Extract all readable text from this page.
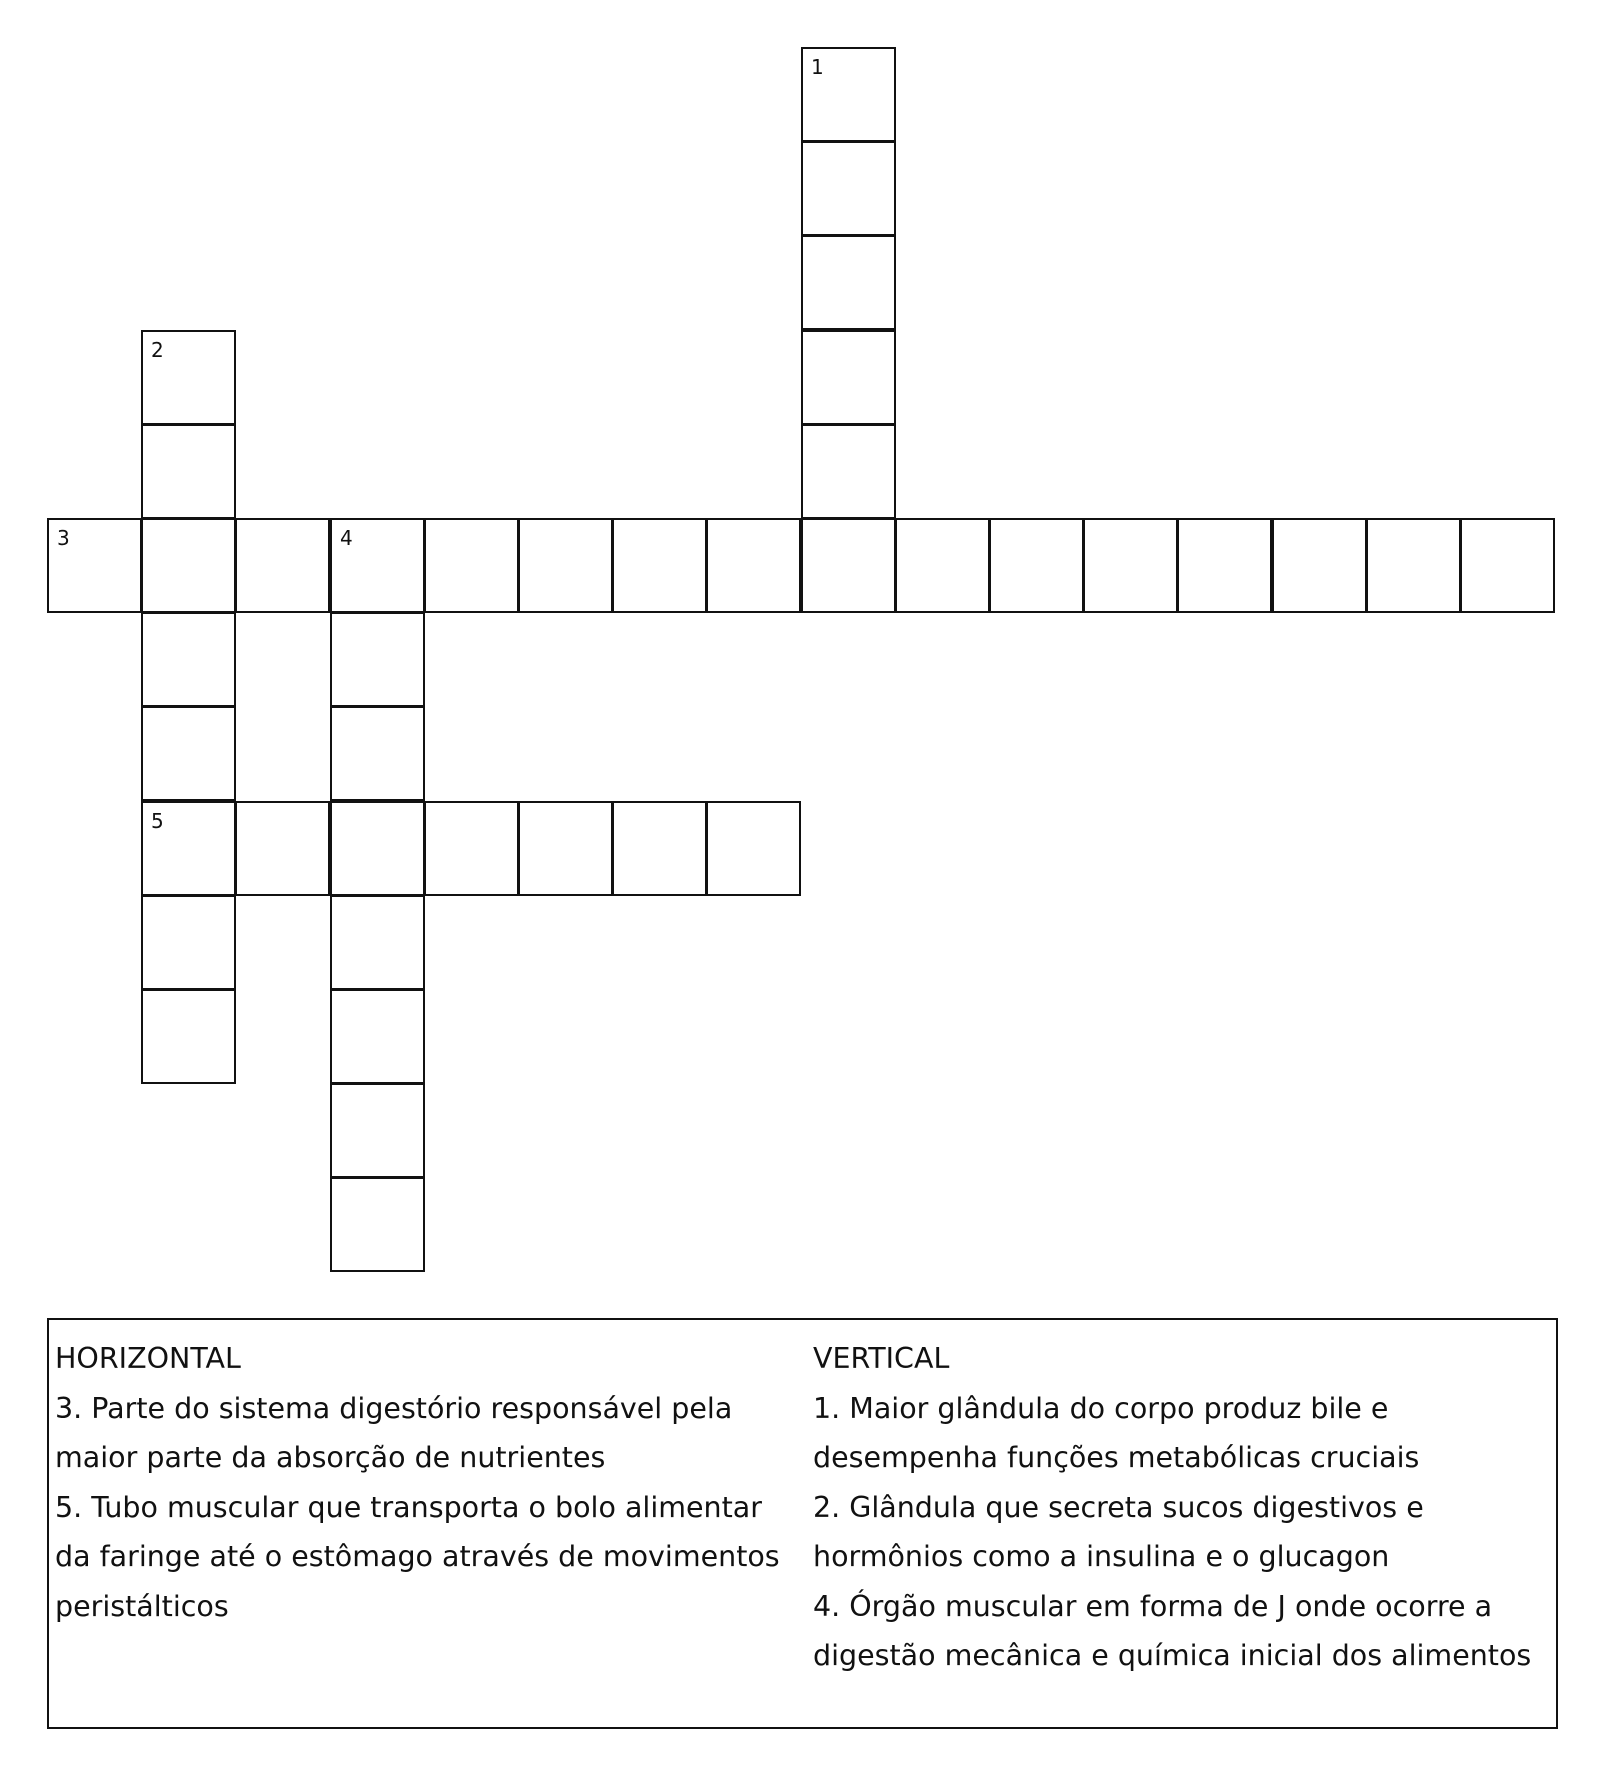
1
2
5
3	4
HORIZONTAL
3. Parte do sistema digestório responsável pela maior parte da absorção de nutrientes
5. Tubo muscular que transporta o bolo alimentar da faringe até o estômago através de movimentos peristálticos
VERTICAL
1. Maior glândula do corpo produz bile e desempenha funções metabólicas cruciais
2. Glândula que secreta sucos digestivos e hormônios como a insulina e o glucagon
4. Órgão muscular em forma de J onde ocorre a digestão mecânica e química inicial dos alimentos
